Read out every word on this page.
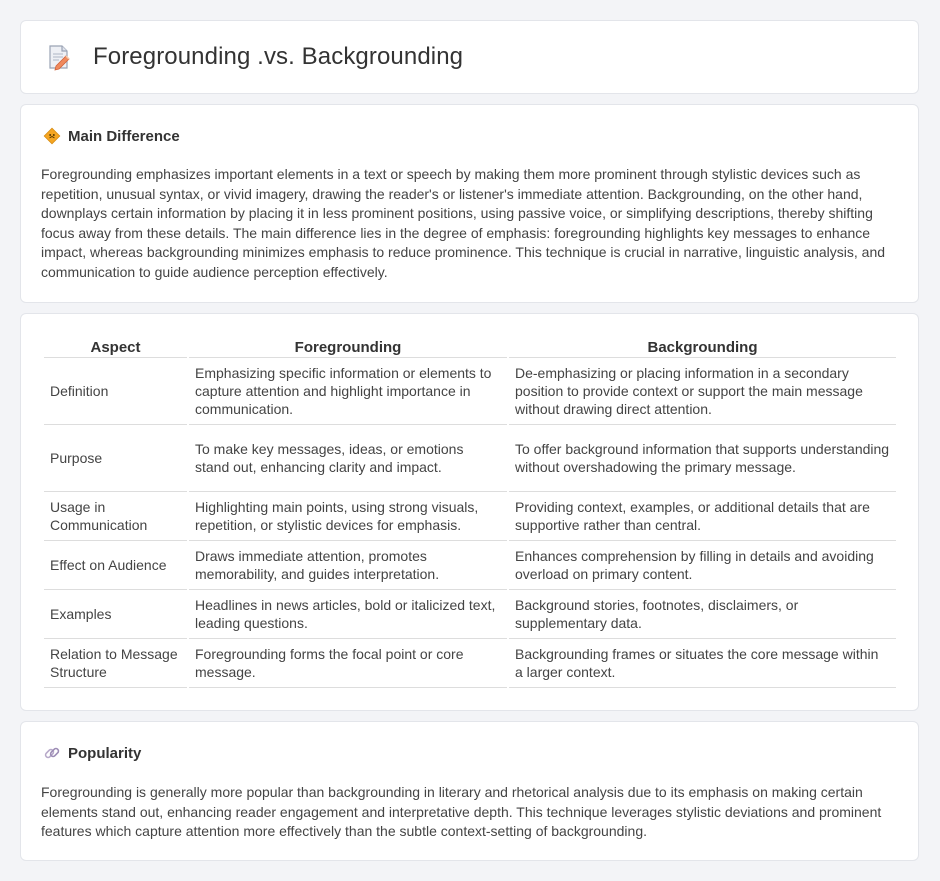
Foregrounding .vs. Backgrounding
Main Difference

Foregrounding emphasizes important elements in a text or speech by making them more prominent through stylistic devices such as repetition, unusual syntax, or vivid imagery, drawing the reader's or listener's immediate attention. Backgrounding, on the other hand, downplays certain information by placing it in less prominent positions, using passive voice, or simplifying descriptions, thereby shifting focus away from these details. The main difference lies in the degree of emphasis: foregrounding highlights key messages to enhance impact, whereas backgrounding minimizes emphasis to reduce prominence. This technique is crucial in narrative, linguistic analysis, and communication to guide audience perception effectively.

Aspect	Foregrounding	Backgrounding
Definition	Emphasizing specific information or elements to capture attention and highlight importance in communication.	De-emphasizing or placing information in a secondary position to provide context or support the main message without drawing direct attention.
Purpose	To make key messages, ideas, or emotions stand out, enhancing clarity and impact.	To offer background information that supports understanding without overshadowing the primary message.
Usage in Communication	Highlighting main points, using strong visuals, repetition, or stylistic devices for emphasis.	Providing context, examples, or additional details that are supportive rather than central.
Effect on Audience	Draws immediate attention, promotes memorability, and guides interpretation.	Enhances comprehension by filling in details and avoiding overload on primary content.
Examples	Headlines in news articles, bold or italicized text, leading questions.	Background stories, footnotes, disclaimers, or supplementary data.
Relation to Message Structure	Foregrounding forms the focal point or core message.	Backgrounding frames or situates the core message within a larger context.
Popularity

Foregrounding is generally more popular than backgrounding in literary and rhetorical analysis due to its emphasis on making certain elements stand out, enhancing reader engagement and interpretative depth. This technique leverages stylistic deviations and prominent features which capture attention more effectively than the subtle context-setting of backgrounding.
